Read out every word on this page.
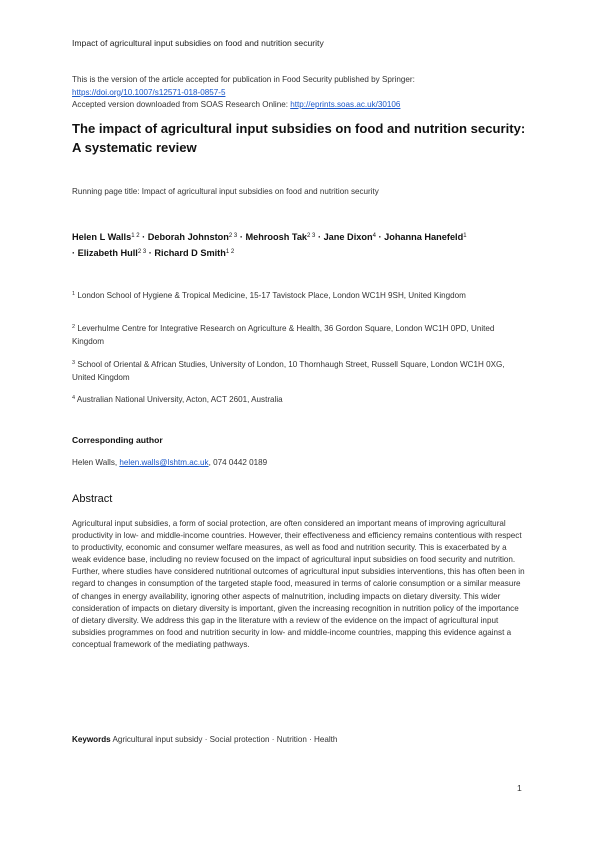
Impact of agricultural input subsidies on food and nutrition security
This is the version of the article accepted for publication in Food Security published by Springer:
https://doi.org/10.1007/s12571-018-0857-5
Accepted version downloaded from SOAS Research Online: http://eprints.soas.ac.uk/30106
The impact of agricultural input subsidies on food and nutrition security: A systematic review
Running page title: Impact of agricultural input subsidies on food and nutrition security
Helen L Walls$^{1 2}$ · Deborah Johnston$^{2 3}$ · Mehroosh Tak$^{2 3}$ · Jane Dixon$^4$ · Johanna Hanefeld$^1$
· Elizabeth Hull$^{2 3}$ · Richard D Smith$^{1 2}$
$^1$ London School of Hygiene & Tropical Medicine, 15-17 Tavistock Place, London WC1H 9SH, United Kingdom
$^2$ Leverhulme Centre for Integrative Research on Agriculture & Health, 36 Gordon Square, London WC1H 0PD, United Kingdom
$^3$ School of Oriental & African Studies, University of London, 10 Thornhaugh Street, Russell Square, London WC1H 0XG, United Kingdom
$^4$ Australian National University, Acton, ACT 2601, Australia
Corresponding author
Helen Walls, helen.walls@lshtm.ac.uk, 074 0442 0189
Abstract
Agricultural input subsidies, a form of social protection, are often considered an important means of improving agricultural productivity in low- and middle-income countries. However, their effectiveness and efficiency remains contentious with respect to productivity, economic and consumer welfare measures, as well as food and nutrition security. This is exacerbated by a weak evidence base, including no review focused on the impact of agricultural input subsidies on food security and nutrition. Further, where studies have considered nutritional outcomes of agricultural input subsidies interventions, this has often been in regard to changes in consumption of the targeted staple food, measured in terms of calorie consumption or a similar measure of changes in energy availability, ignoring other aspects of malnutrition, including impacts on dietary diversity. This wider consideration of impacts on dietary diversity is important, given the increasing recognition in nutrition policy of the importance of dietary diversity. We address this gap in the literature with a review of the evidence on the impact of agricultural input subsidies programmes on food and nutrition security in low- and middle-income countries, mapping this evidence against a conceptual framework of the mediating pathways.
Keywords Agricultural input subsidy · Social protection · Nutrition · Health
1
